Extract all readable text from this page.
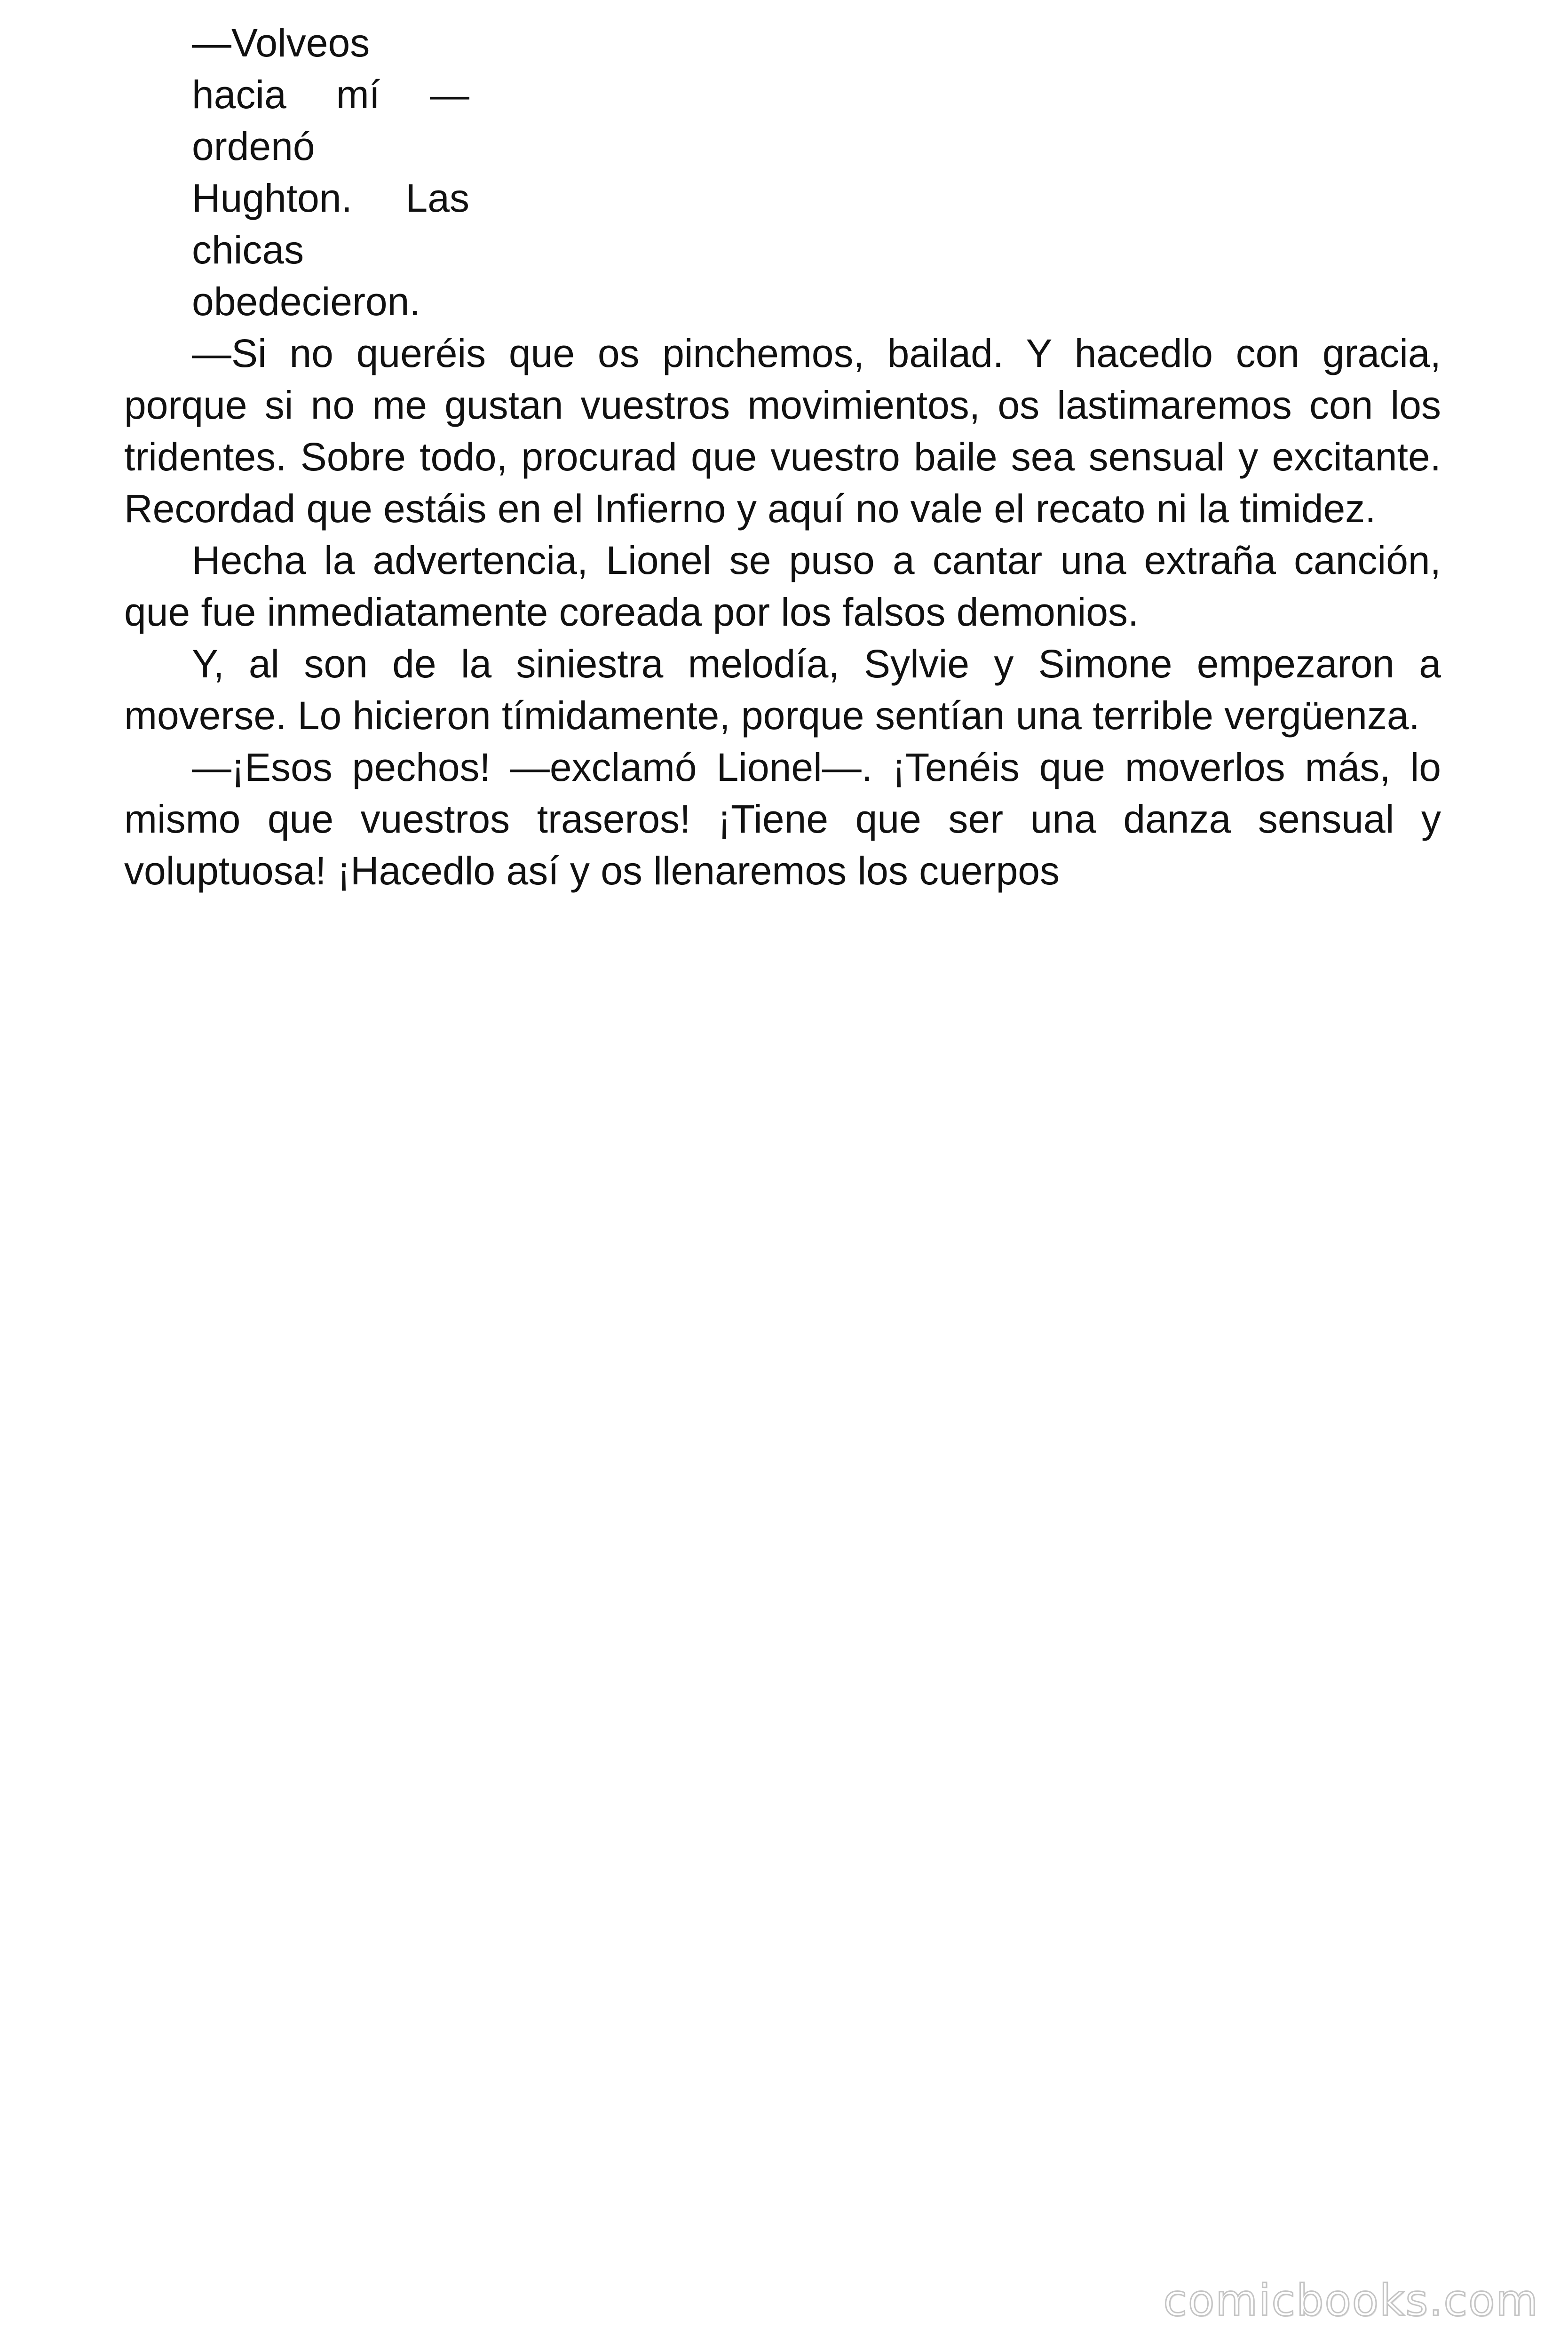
—Volveos

hacia mí —

ordenó

Hughton. Las

chicas

obedecieron.

—Si no queréis que os pinchemos, bailad. Y hacedlo con gracia, porque si no me gustan vuestros movimientos, os lastimaremos con los tridentes. Sobre todo, procurad que vuestro baile sea sensual y excitante. Recordad que estáis en el Infierno y aquí no vale el recato ni la timidez.

Hecha la advertencia, Lionel se puso a cantar una extraña canción, que fue inmediatamente coreada por los falsos demonios.

Y, al son de la siniestra melodía, Sylvie y Simone empezaron a moverse. Lo hicieron tímidamente, porque sentían una terrible vergüenza.

—¡Esos pechos! —exclamó Lionel—. ¡Tenéis que moverlos más, lo mismo que vuestros traseros! ¡Tiene que ser una danza sensual y voluptuosa! ¡Hacedlo así y os llenaremos los cuerpos

comicbooks.com
